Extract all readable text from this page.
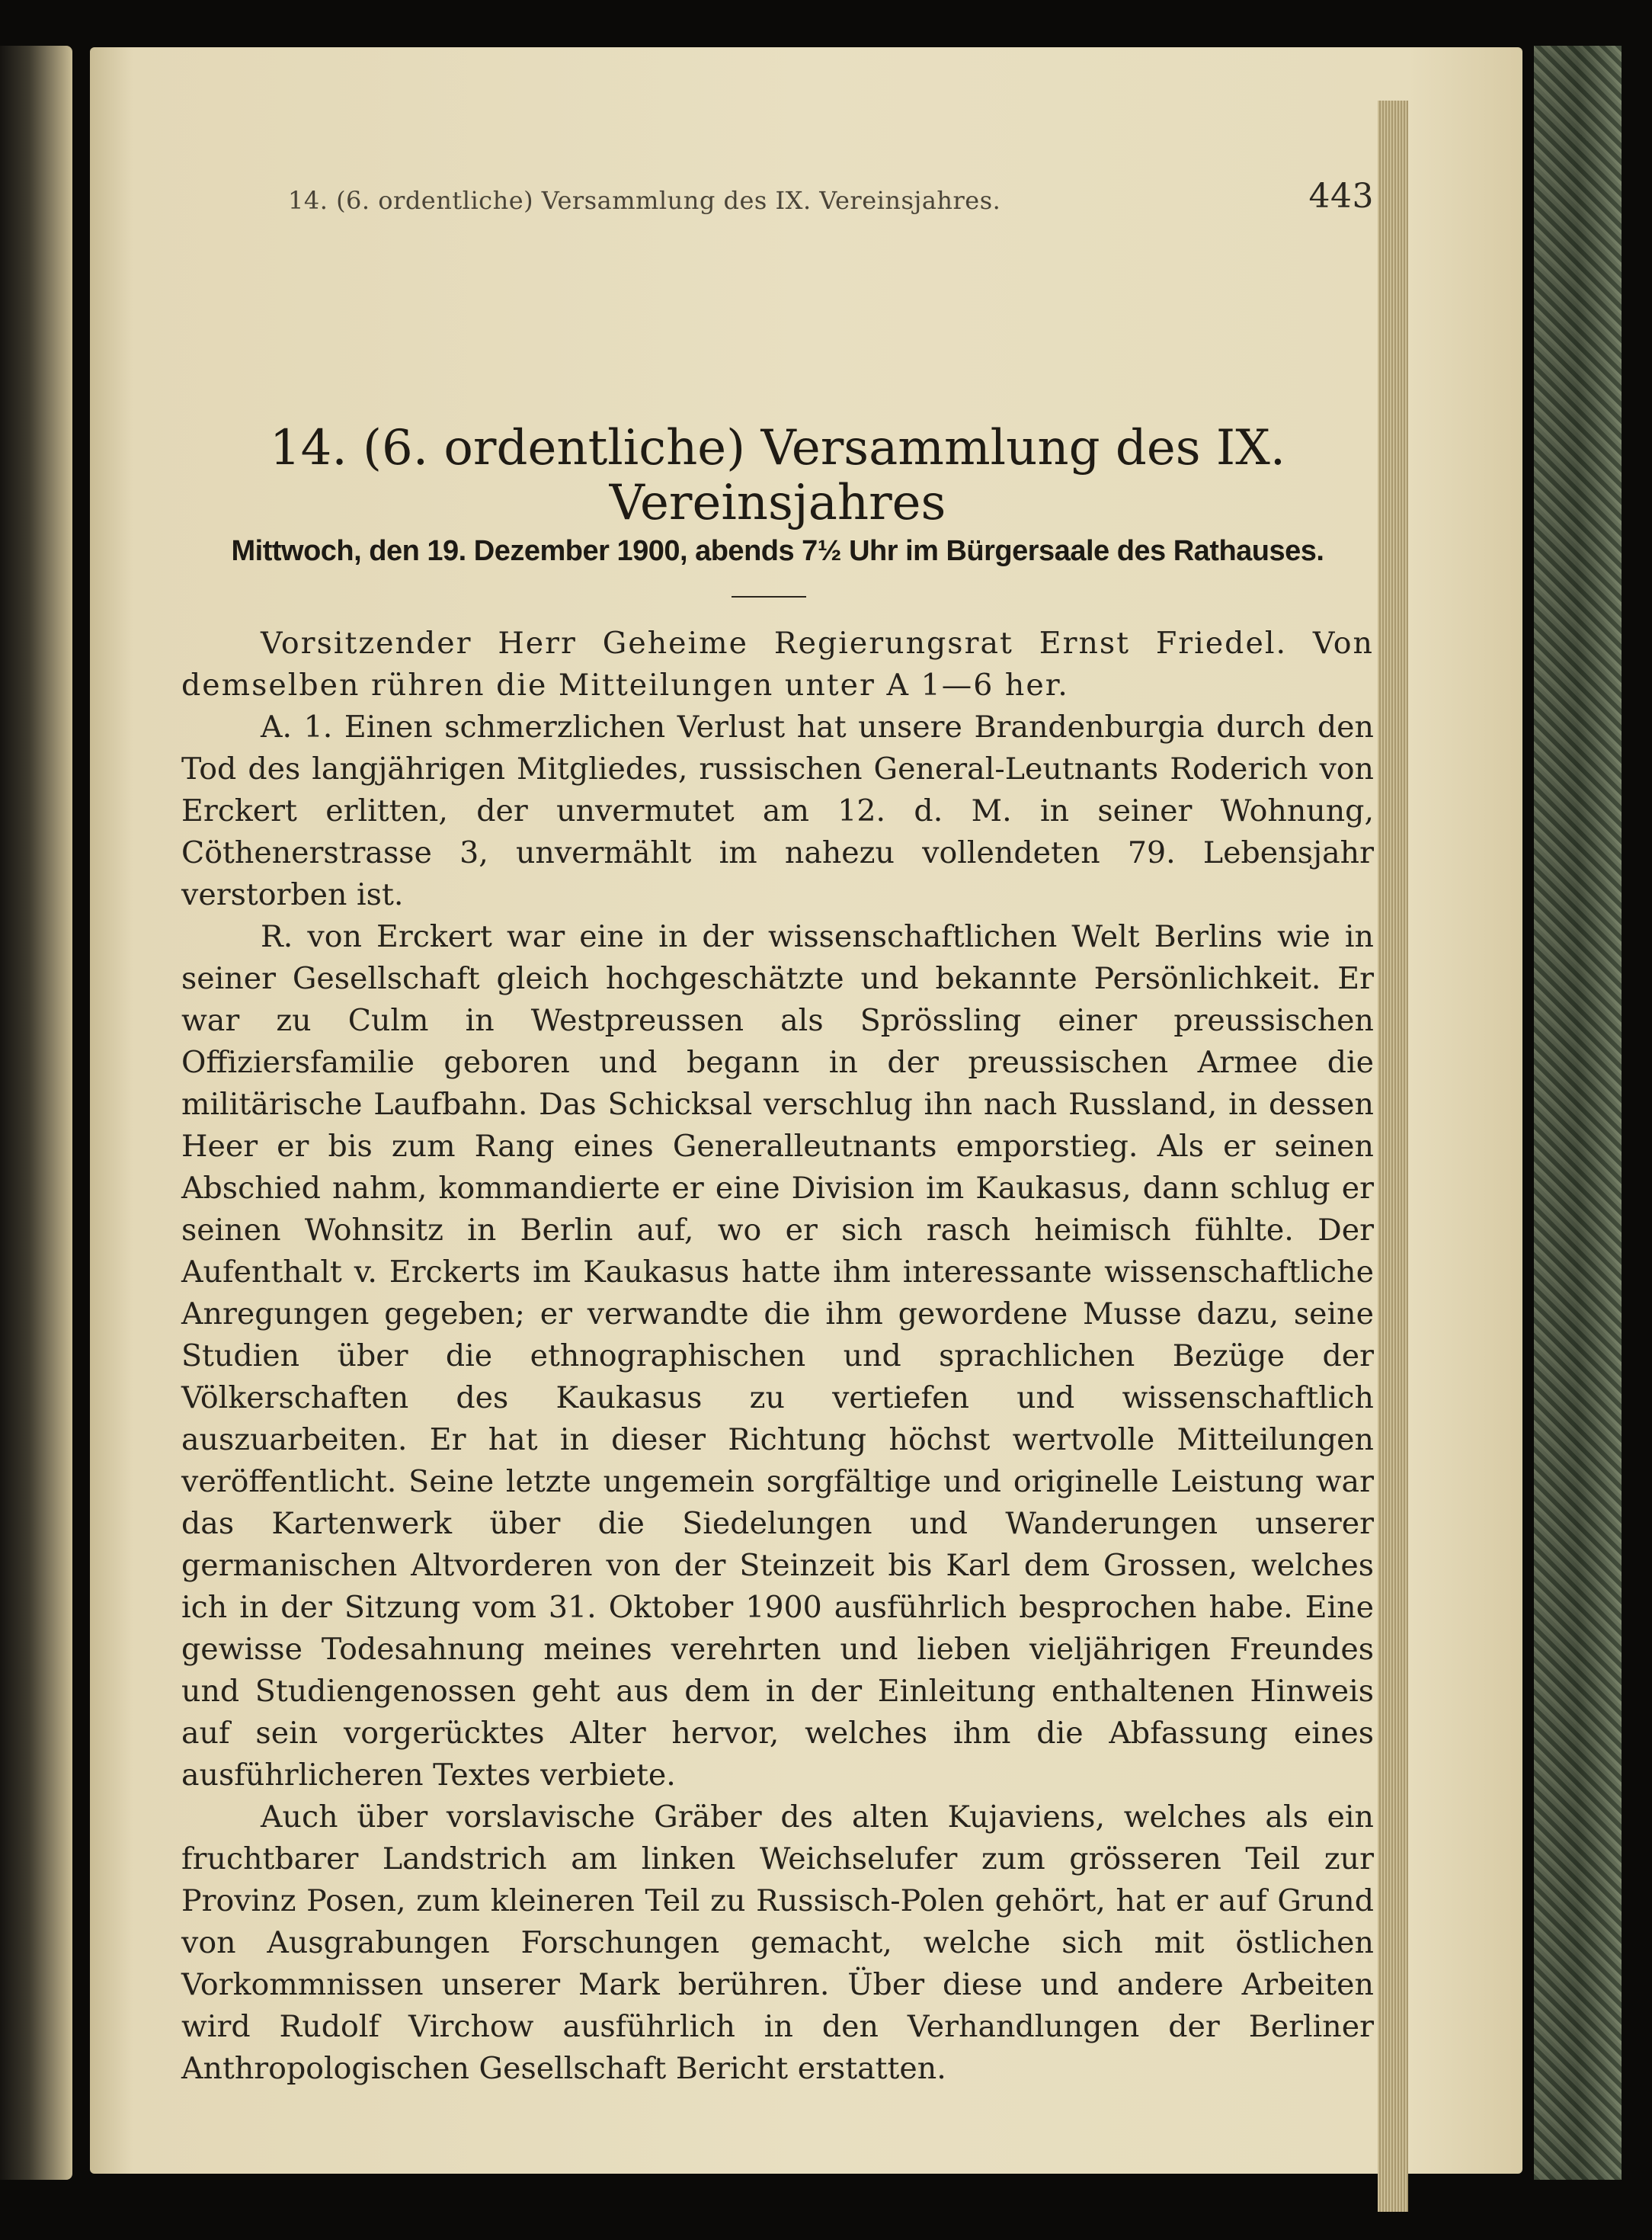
14. (6. ordentliche) Versammlung des IX. Vereinsjahres.	443
14. (6. ordentliche) Versammlung des IX. Vereinsjahres
Mittwoch, den 19. Dezember 1900, abends 7½ Uhr im Bürgersaale des Rathauses.

Vorsitzender Herr Geheime Regierungsrat Ernst Friedel. Von demselben rühren die Mitteilungen unter A 1—6 her.

A. 1. Einen schmerzlichen Verlust hat unsere Brandenburgia durch den Tod des langjährigen Mitgliedes, russischen General-Leutnants Roderich von Erckert erlitten, der unvermutet am 12. d. M. in seiner Wohnung, Cöthenerstrasse 3, unvermählt im nahezu vollendeten 79. Lebensjahr verstorben ist.

R. von Erckert war eine in der wissenschaftlichen Welt Berlins wie in seiner Gesellschaft gleich hochgeschätzte und bekannte Persönlichkeit. Er war zu Culm in Westpreussen als Sprössling einer preussischen Offiziersfamilie geboren und begann in der preussischen Armee die militärische Laufbahn. Das Schicksal verschlug ihn nach Russland, in dessen Heer er bis zum Rang eines Generalleutnants emporstieg. Als er seinen Abschied nahm, kommandierte er eine Division im Kaukasus, dann schlug er seinen Wohnsitz in Berlin auf, wo er sich rasch heimisch fühlte. Der Aufenthalt v. Erckerts im Kaukasus hatte ihm interessante wissenschaftliche Anregungen gegeben; er verwandte die ihm gewordene Musse dazu, seine Studien über die ethnographischen und sprachlichen Bezüge der Völkerschaften des Kaukasus zu vertiefen und wissenschaftlich auszuarbeiten. Er hat in dieser Richtung höchst wertvolle Mitteilungen veröffentlicht. Seine letzte ungemein sorgfältige und originelle Leistung war das Kartenwerk über die Siedelungen und Wanderungen unserer germanischen Altvorderen von der Steinzeit bis Karl dem Grossen, welches ich in der Sitzung vom 31. Oktober 1900 ausführlich besprochen habe. Eine gewisse Todesahnung meines verehrten und lieben vieljährigen Freundes und Studiengenossen geht aus dem in der Einleitung enthaltenen Hinweis auf sein vorgerücktes Alter hervor, welches ihm die Abfassung eines ausführlicheren Textes verbiete.

Auch über vorslavische Gräber des alten Kujaviens, welches als ein fruchtbarer Landstrich am linken Weichselufer zum grösseren Teil zur Provinz Posen, zum kleineren Teil zu Russisch-Polen gehört, hat er auf Grund von Ausgrabungen Forschungen gemacht, welche sich mit östlichen Vorkommnissen unserer Mark berühren. Über diese und andere Arbeiten wird Rudolf Virchow ausführlich in den Verhandlungen der Berliner Anthropologischen Gesellschaft Bericht erstatten.
